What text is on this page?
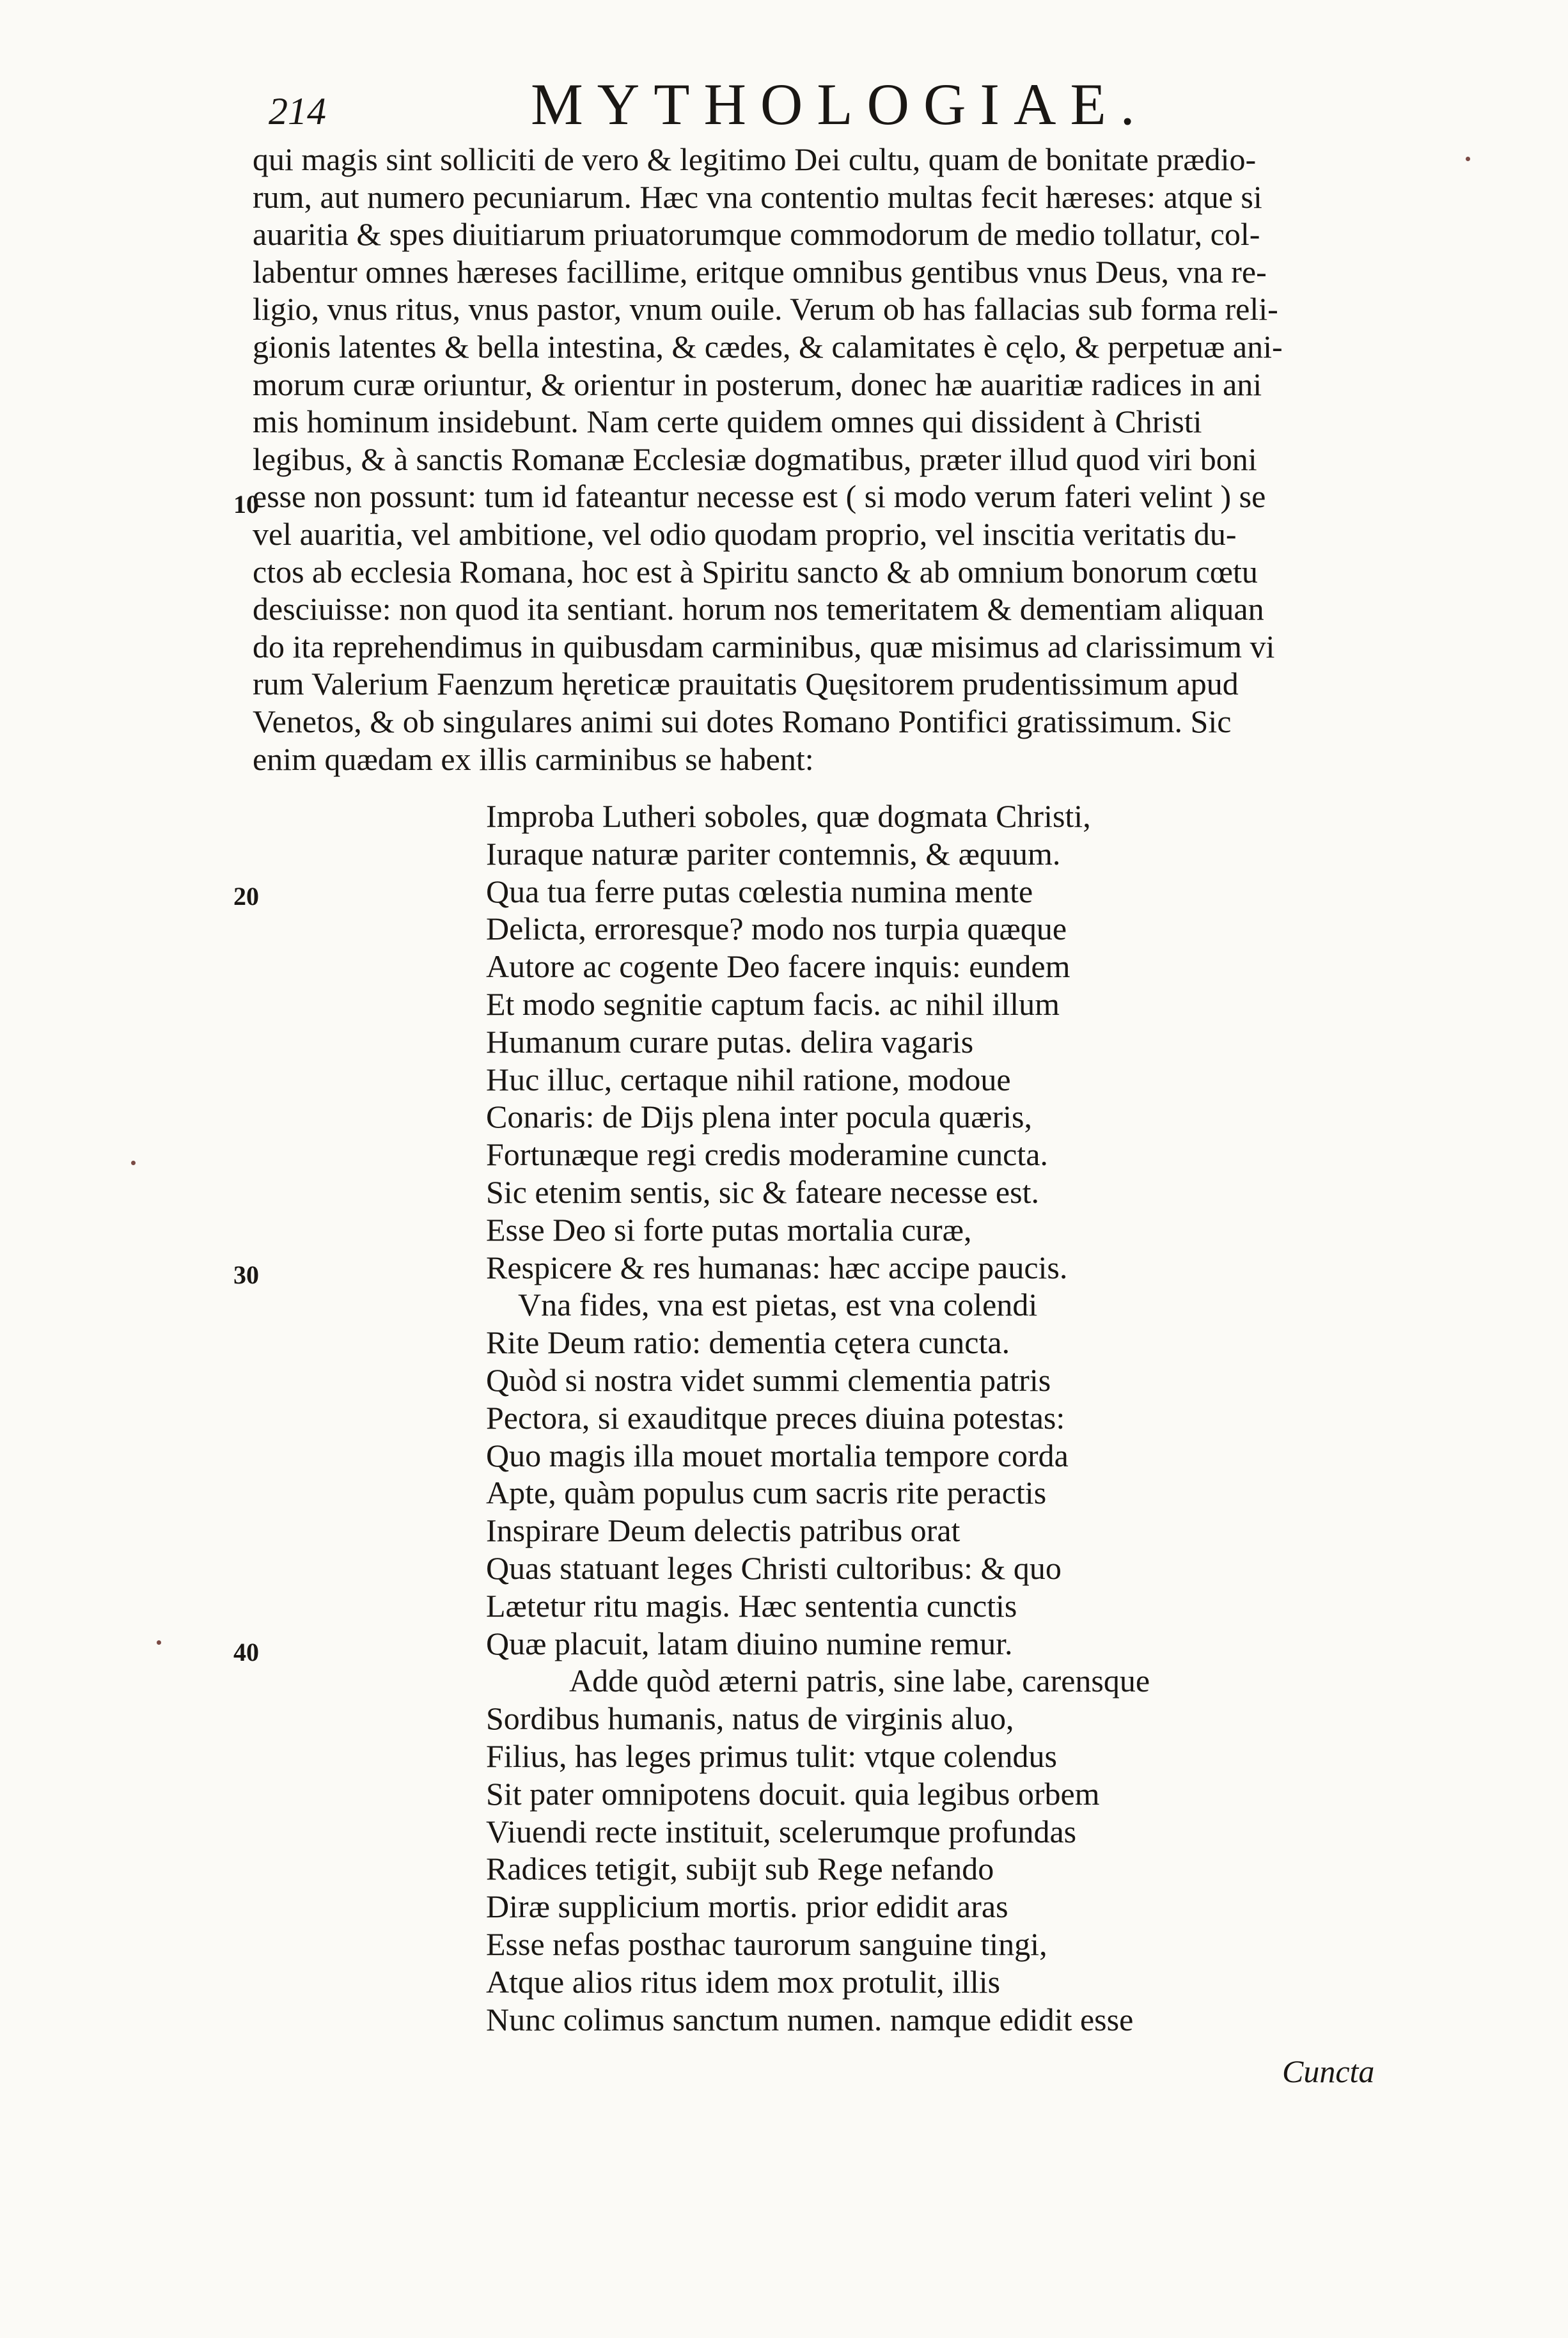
214	MYTHOLOGIAE.
qui magis sint solliciti de vero & legitimo Dei cultu, quam de bonitate prædio-
rum, aut numero pecuniarum. Hæc vna contentio multas fecit hæreses: atque si
auaritia & spes diuitiarum priuatorumque commodorum de medio tollatur, col-
labentur omnes hæreses facillime, eritque omnibus gentibus vnus Deus, vna re-
ligio, vnus ritus, vnus pastor, vnum ouile. Verum ob has fallacias sub forma reli-
gionis latentes & bella intestina, & cædes, & calamitates è cęlo, & perpetuæ ani-
morum curæ oriuntur, & orientur in posterum, donec hæ auaritiæ radices in ani
mis hominum insidebunt. Nam certe quidem omnes qui dissident à Christi
legibus, & à sanctis Romanæ Ecclesiæ dogmatibus, præter illud quod viri boni
esse non possunt: tum id fateantur necesse est ( si modo verum fateri velint ) se
vel auaritia, vel ambitione, vel odio quodam proprio, vel inscitia veritatis du-
ctos ab ecclesia Romana, hoc est à Spiritu sancto & ab omnium bonorum cœtu
desciuisse: non quod ita sentiant. horum nos temeritatem & dementiam aliquan
do ita reprehendimus in quibusdam carminibus, quæ misimus ad clarissimum vi
rum Valerium Faenzum hęreticæ prauitatis Quęsitorem prudentissimum apud
Venetos, & ob singulares animi sui dotes Romano Pontifici gratissimum. Sic
enim quædam ex illis carminibus se habent:
Improba Lutheri soboles, quæ dogmata Christi,
Iuraque naturæ pariter contemnis, & æquum.
Qua tua ferre putas cœlestia numina mente
Delicta, erroresque? modo nos turpia quæque
Autore ac cogente Deo facere inquis: eundem
Et modo segnitie captum facis. ac nihil illum
Humanum curare putas. delira vagaris
Huc illuc, certaque nihil ratione, modoue
Conaris: de Dijs plena inter pocula quæris,
Fortunæque regi credis moderamine cuncta.
Sic etenim sentis, sic & fateare necesse est.
Esse Deo si forte putas mortalia curæ,
Respicere & res humanas: hæc accipe paucis.
Vna fides, vna est pietas, est vna colendi
Rite Deum ratio: dementia cętera cuncta.
Quòd si nostra videt summi clementia patris
Pectora, si exauditque preces diuina potestas:
Quo magis illa mouet mortalia tempore corda
Apte, quàm populus cum sacris rite peractis
Inspirare Deum delectis patribus orat
Quas statuant leges Christi cultoribus: & quo
Lætetur ritu magis. Hæc sententia cunctis
Quæ placuit, latam diuino numine remur.
Adde quòd æterni patris, sine labe, carensque
Sordibus humanis, natus de virginis aluo,
Filius, has leges primus tulit: vtque colendus
Sit pater omnipotens docuit. quia legibus orbem
Viuendi recte instituit, scelerumque profundas
Radices tetigit, subijt sub Rege nefando
Diræ supplicium mortis. prior edidit aras
Esse nefas posthac taurorum sanguine tingi,
Atque alios ritus idem mox protulit, illis
Nunc colimus sanctum numen. namque edidit esse
10
20
30
40
Cuncta
